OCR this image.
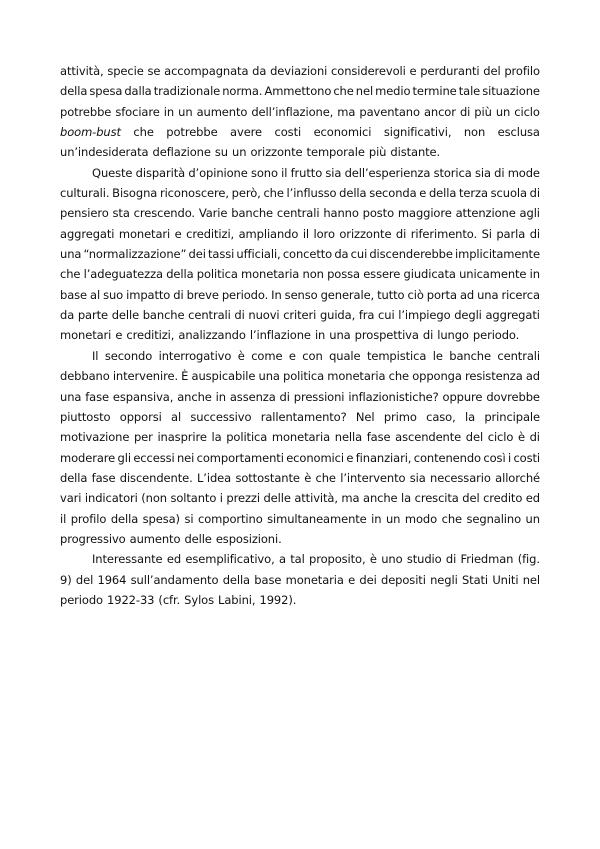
attività, specie se accompagnata da deviazioni considerevoli e perduranti del profilo
della spesa dalla tradizionale norma. Ammettono che nel medio termine tale situazione
potrebbe sfociare in un aumento dell’inflazione, ma paventano ancor di più un ciclo
boom-bust che potrebbe avere costi economici significativi, non esclusa
un’indesiderata deflazione su un orizzonte temporale più distante.
Queste disparità d’opinione sono il frutto sia dell’esperienza storica sia di mode
culturali. Bisogna riconoscere, però, che l’influsso della seconda e della terza scuola di
pensiero sta crescendo. Varie banche centrali hanno posto maggiore attenzione agli
aggregati monetari e creditizi, ampliando il loro orizzonte di riferimento. Si parla di
una “normalizzazione” dei tassi ufficiali, concetto da cui discenderebbe implicitamente
che l’adeguatezza della politica monetaria non possa essere giudicata unicamente in
base al suo impatto di breve periodo. In senso generale, tutto ciò porta ad una ricerca
da parte delle banche centrali di nuovi criteri guida, fra cui l’impiego degli aggregati
monetari e creditizi, analizzando l’inflazione in una prospettiva di lungo periodo.
Il secondo interrogativo è come e con quale tempistica le banche centrali
debbano intervenire. È auspicabile una politica monetaria che opponga resistenza ad
una fase espansiva, anche in assenza di pressioni inflazionistiche? oppure dovrebbe
piuttosto opporsi al successivo rallentamento? Nel primo caso, la principale
motivazione per inasprire la politica monetaria nella fase ascendente del ciclo è di
moderare gli eccessi nei comportamenti economici e finanziari, contenendo così i costi
della fase discendente. L’idea sottostante è che l’intervento sia necessario allorché
vari indicatori (non soltanto i prezzi delle attività, ma anche la crescita del credito ed
il profilo della spesa) si comportino simultaneamente in un modo che segnalino un
progressivo aumento delle esposizioni.
Interessante ed esemplificativo, a tal proposito, è uno studio di Friedman (fig.
9) del 1964 sull’andamento della base monetaria e dei depositi negli Stati Uniti nel
periodo 1922-33 (cfr. Sylos Labini, 1992).
